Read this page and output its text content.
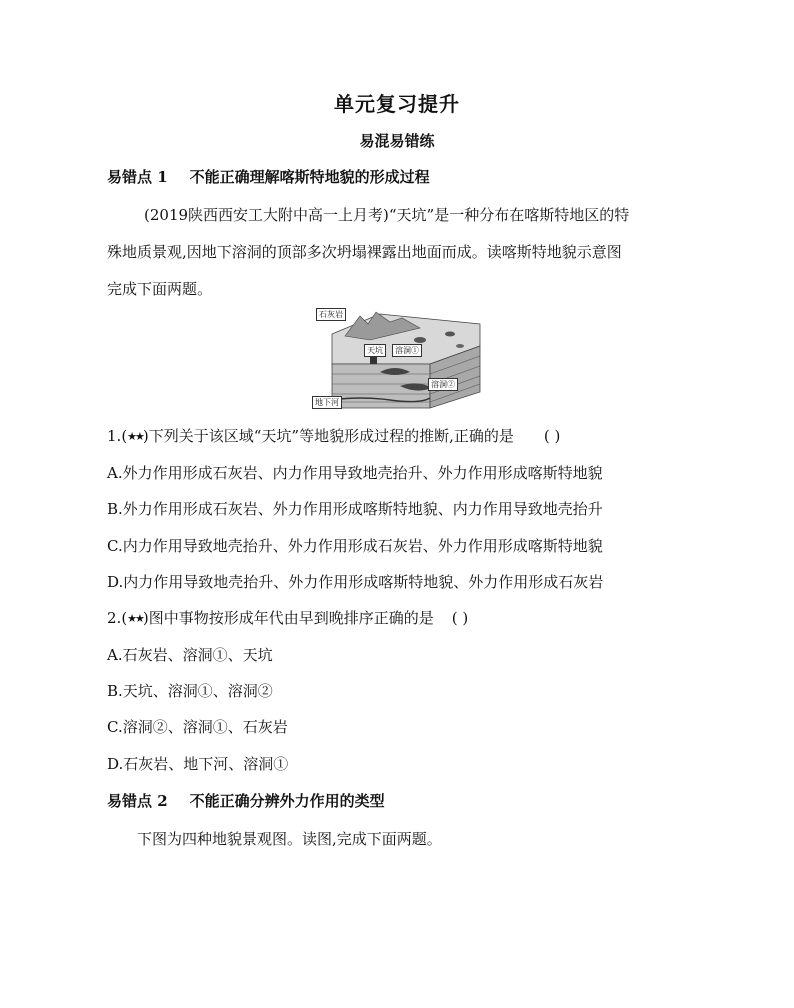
单元复习提升
易混易错练
易错点 1 不能正确理解喀斯特地貌的形成过程
(2019陕西西安工大附中高一上月考)“天坑”是一种分布在喀斯特地区的特
殊地质景观,因地下溶洞的顶部多次坍塌裸露出地面而成。读喀斯特地貌示意图
完成下面两题。
石灰岩
天坑	溶洞①
溶洞②
地下河
1.(★★)下列关于该区域“天坑”等地貌形成过程的推断,正确的是 ( )
A.外力作用形成石灰岩、内力作用导致地壳抬升、外力作用形成喀斯特地貌
B.外力作用形成石灰岩、外力作用形成喀斯特地貌、内力作用导致地壳抬升
C.内力作用导致地壳抬升、外力作用形成石灰岩、外力作用形成喀斯特地貌
D.内力作用导致地壳抬升、外力作用形成喀斯特地貌、外力作用形成石灰岩
2.(★★)图中事物按形成年代由早到晚排序正确的是 ( )
A.石灰岩、溶洞①、天坑
B.天坑、溶洞①、溶洞②
C.溶洞②、溶洞①、石灰岩
D.石灰岩、地下河、溶洞①
易错点 2 不能正确分辨外力作用的类型
下图为四种地貌景观图。读图,完成下面两题。
